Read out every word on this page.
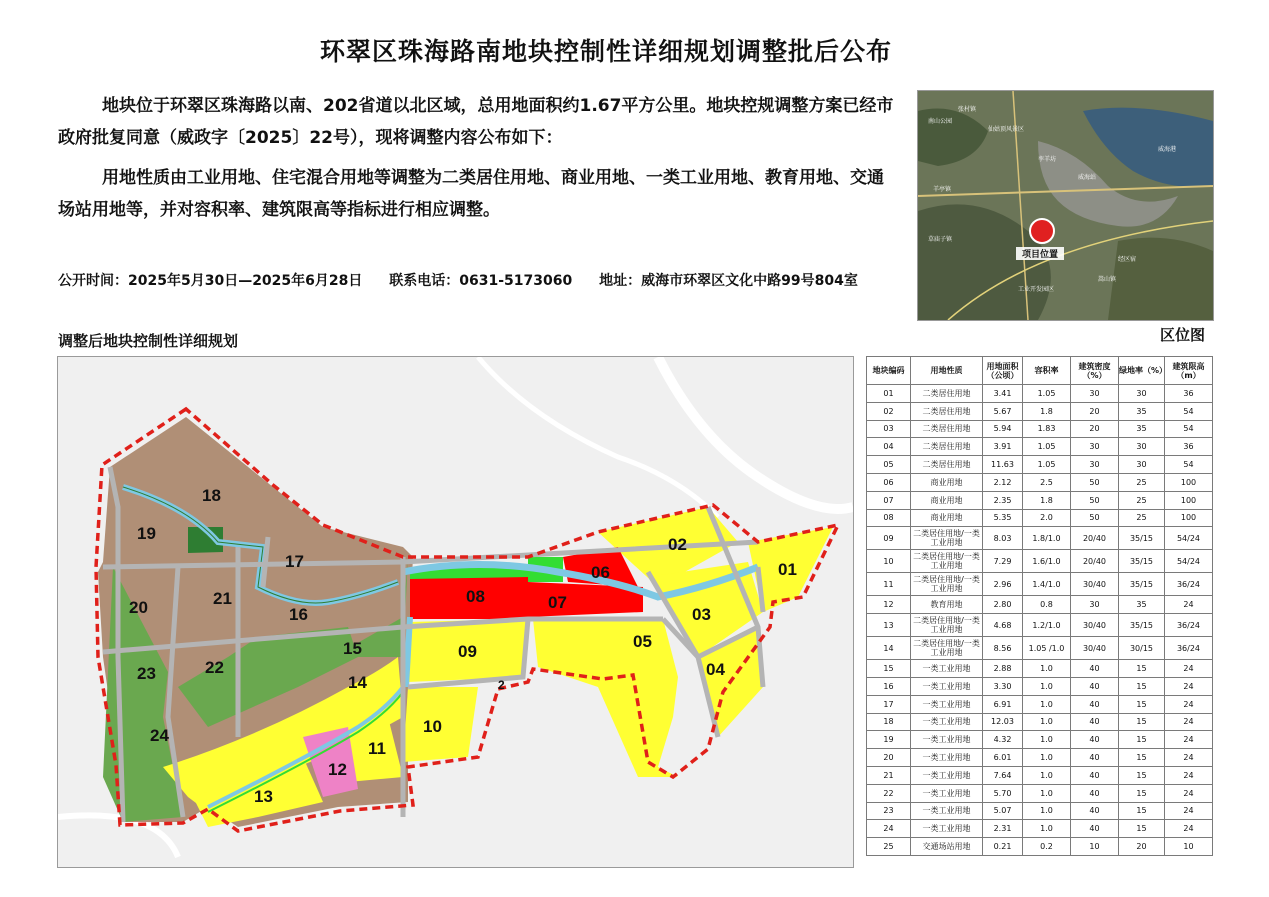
环翠区珠海路南地块控制性详细规划调整批后公布

地块位于环翠区珠海路以南、202省道以北区域，总用地面积约1.67平方公里。地块控规调整方案已经市政府批复同意（威政字〔2025〕22号），现将调整内容公布如下：

用地性质由工业用地、住宅混合用地等调整为二类居住用地、商业用地、一类工业用地、教育用地、交通场站用地等，并对容积率、建筑限高等指标进行相应调整。

公开时间：2025年5月30日—2025年6月28日 联系电话：0631-5173060 地址：威海市环翠区文化中路99号804室
张村镇
仙姑顶风景区
威海港
南山公园
孪羊坊
威海站
羊亭镇
经区宿
嵩山镇
草庙子镇
工业开发园区
项目位置
区位图
调整后地块控制性详细规划
01
02
03
04
05
06
07
08
09
10
11
12
13
14
15
16
17
18
19
20	21
22
23
24
2
地块编码	用地性质	用地面积（公顷）	容积率	建筑密度（%）	绿地率（%）	建筑限高（m）
01	二类居住用地	3.41	1.05	30	30	36
02	二类居住用地	5.67	1.8	20	35	54
03	二类居住用地	5.94	1.83	20	35	54
04	二类居住用地	3.91	1.05	30	30	36
05	二类居住用地	11.63	1.05	30	30	54
06	商业用地	2.12	2.5	50	25	100
07	商业用地	2.35	1.8	50	25	100
08	商业用地	5.35	2.0	50	25	100
09	二类居住用地/一类工业用地	8.03	1.8/1.0	20/40	35/15	54/24
10	二类居住用地/一类工业用地	7.29	1.6/1.0	20/40	35/15	54/24
11	二类居住用地/一类工业用地	2.96	1.4/1.0	30/40	35/15	36/24
12	教育用地	2.80	0.8	30	35	24
13	二类居住用地/一类工业用地	4.68	1.2/1.0	30/40	35/15	36/24
14	二类居住用地/一类工业用地	8.56	1.05 /1.0	30/40	30/15	36/24
15	一类工业用地	2.88	1.0	40	15	24
16	一类工业用地	3.30	1.0	40	15	24
17	一类工业用地	6.91	1.0	40	15	24
18	一类工业用地	12.03	1.0	40	15	24
19	一类工业用地	4.32	1.0	40	15	24
20	一类工业用地	6.01	1.0	40	15	24
21	一类工业用地	7.64	1.0	40	15	24
22	一类工业用地	5.70	1.0	40	15	24
23	一类工业用地	5.07	1.0	40	15	24
24	一类工业用地	2.31	1.0	40	15	24
25	交通场站用地	0.21	0.2	10	20	10
